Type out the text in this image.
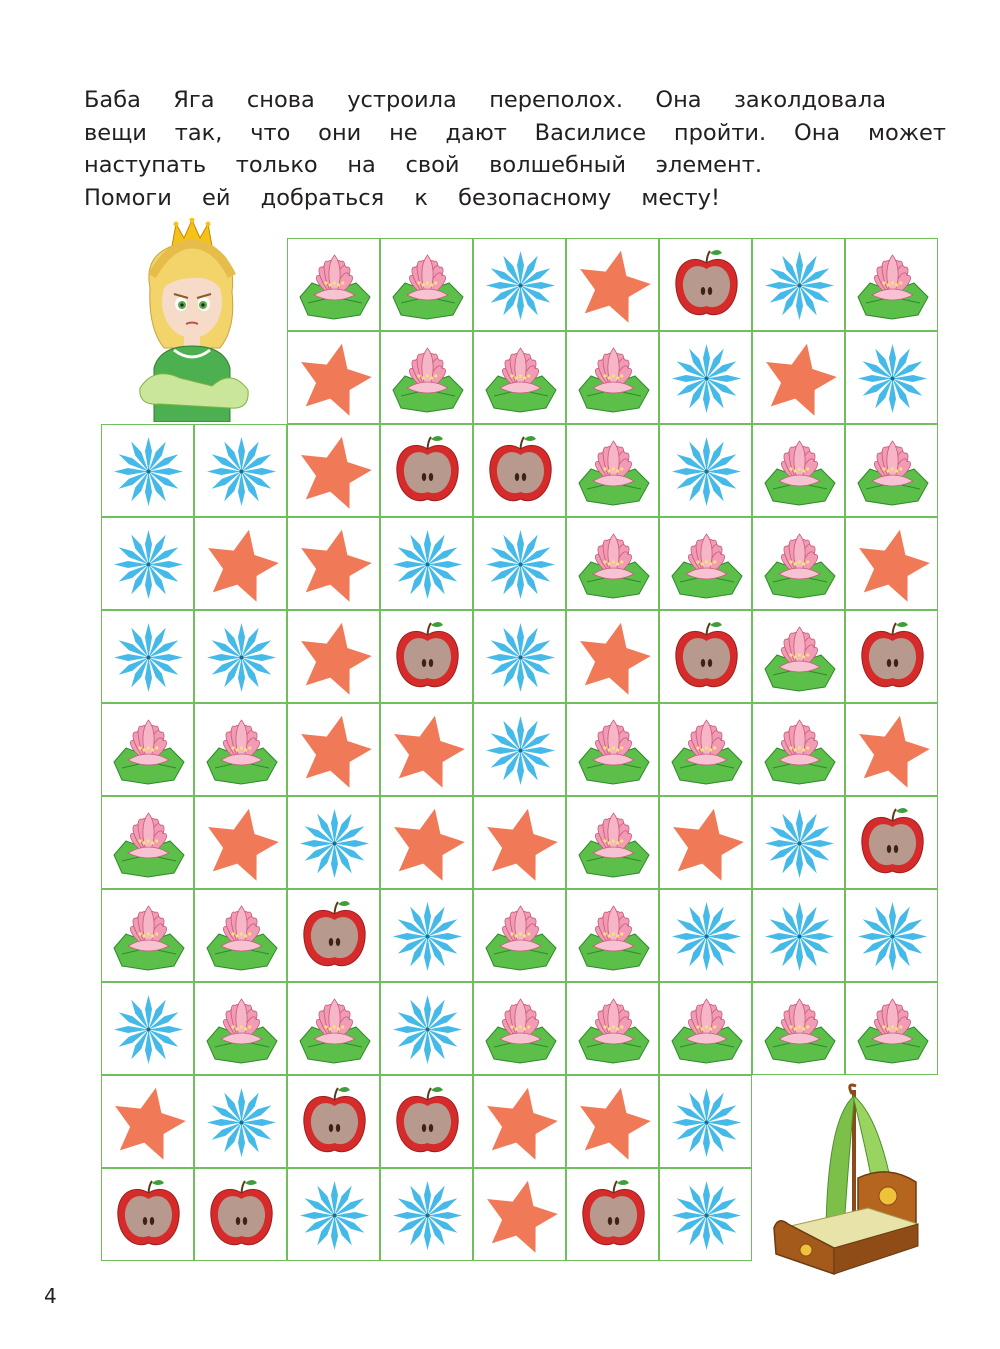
Баба Яга снова устроила переполох. Она заколдовала
вещи так, что они не дают Василисе пройти. Она может
наступать только на свой волшебный элемент.
Помоги ей добраться к безопасному месту!
4
